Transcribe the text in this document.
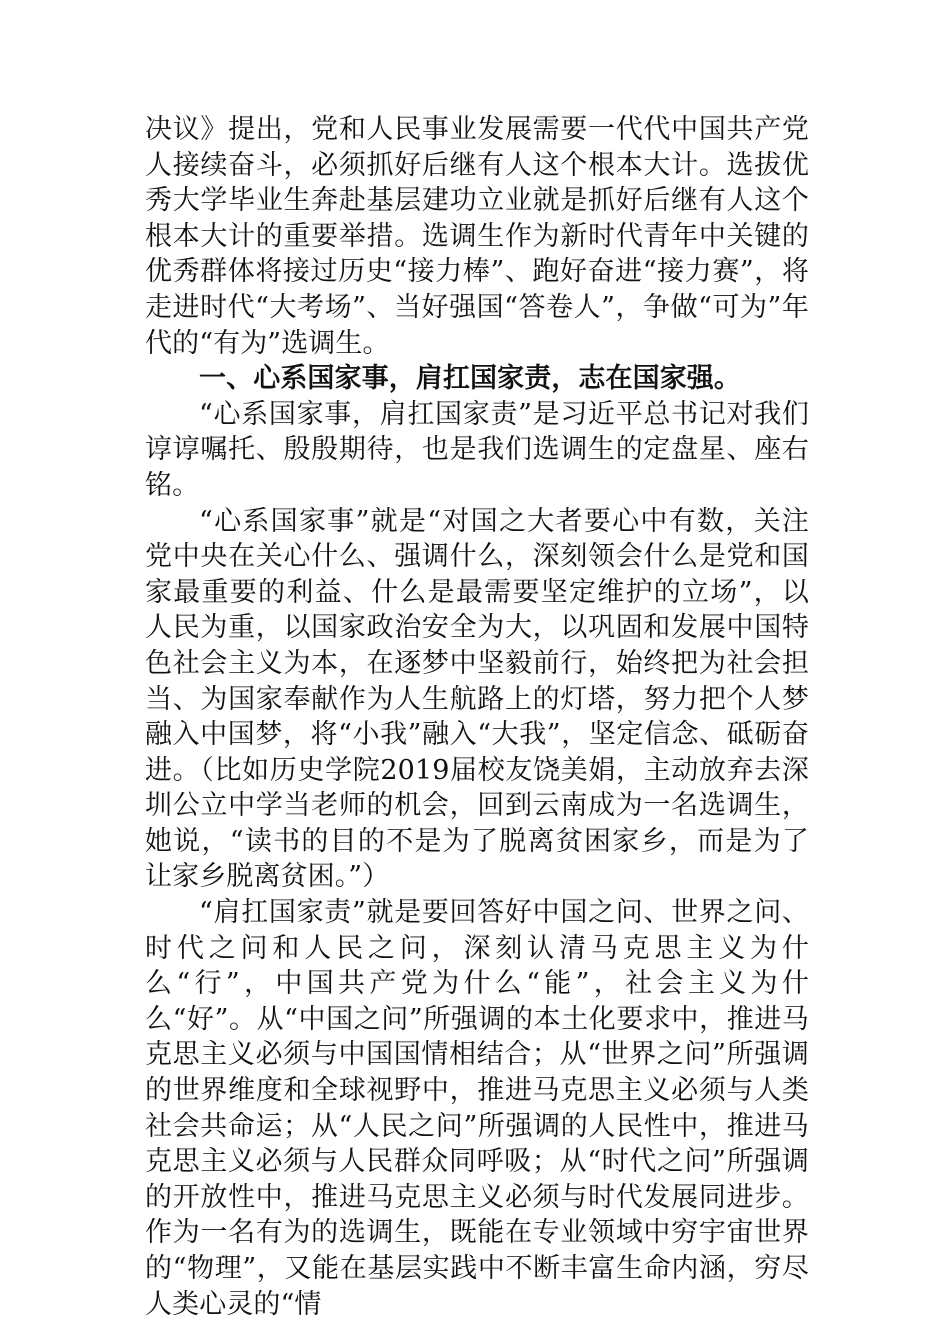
决议》提出，党和人民事业发展需要一代代中国共产党人接续奋斗，必须抓好后继有人这个根本大计。选拔优秀大学毕业生奔赴基层建功立业就是抓好后继有人这个根本大计的重要举措。选调生作为新时代青年中关键的优秀群体将接过历史“接力棒”、跑好奋进“接力赛”，将走进时代“大考场”、当好强国“答卷人”，争做“可为”年代的“有为”选调生。

一、心系国家事，肩扛国家责，志在国家强。

“心系国家事，肩扛国家责”是习近平总书记对我们谆谆嘱托、殷殷期待，也是我们选调生的定盘星、座右铭。

“心系国家事”就是“对国之大者要心中有数，关注党中央在关心什么、强调什么，深刻领会什么是党和国家最重要的利益、什么是最需要坚定维护的立场”，以人民为重，以国家政治安全为大，以巩固和发展中国特色社会主义为本，在逐梦中坚毅前行，始终把为社会担当、为国家奉献作为人生航路上的灯塔，努力把个人梦融入中国梦，将“小我”融入“大我”，坚定信念、砥砺奋进。（比如历史学院2019届校友饶美娟，主动放弃去深圳公立中学当老师的机会，回到云南成为一名选调生，她说，“读书的目的不是为了脱离贫困家乡，而是为了让家乡脱离贫困。”）

“肩扛国家责”就是要回答好中国之问、世界之问、时代之问和人民之问，深刻认清马克思主义为什么“行”，中国共产党为什么“能”，社会主义为什么“好”。从“中国之问”所强调的本土化要求中，推进马克思主义必须与中国国情相结合；从“世界之问”所强调的世界维度和全球视野中，推进马克思主义必须与人类社会共命运；从“人民之问”所强调的人民性中，推进马克思主义必须与人民群众同呼吸；从“时代之问”所强调的开放性中，推进马克思主义必须与时代发展同进步。作为一名有为的选调生，既能在专业领域中穷宇宙世界的“物理”，又能在基层实践中不断丰富生命内涵，穷尽人类心灵的“情
